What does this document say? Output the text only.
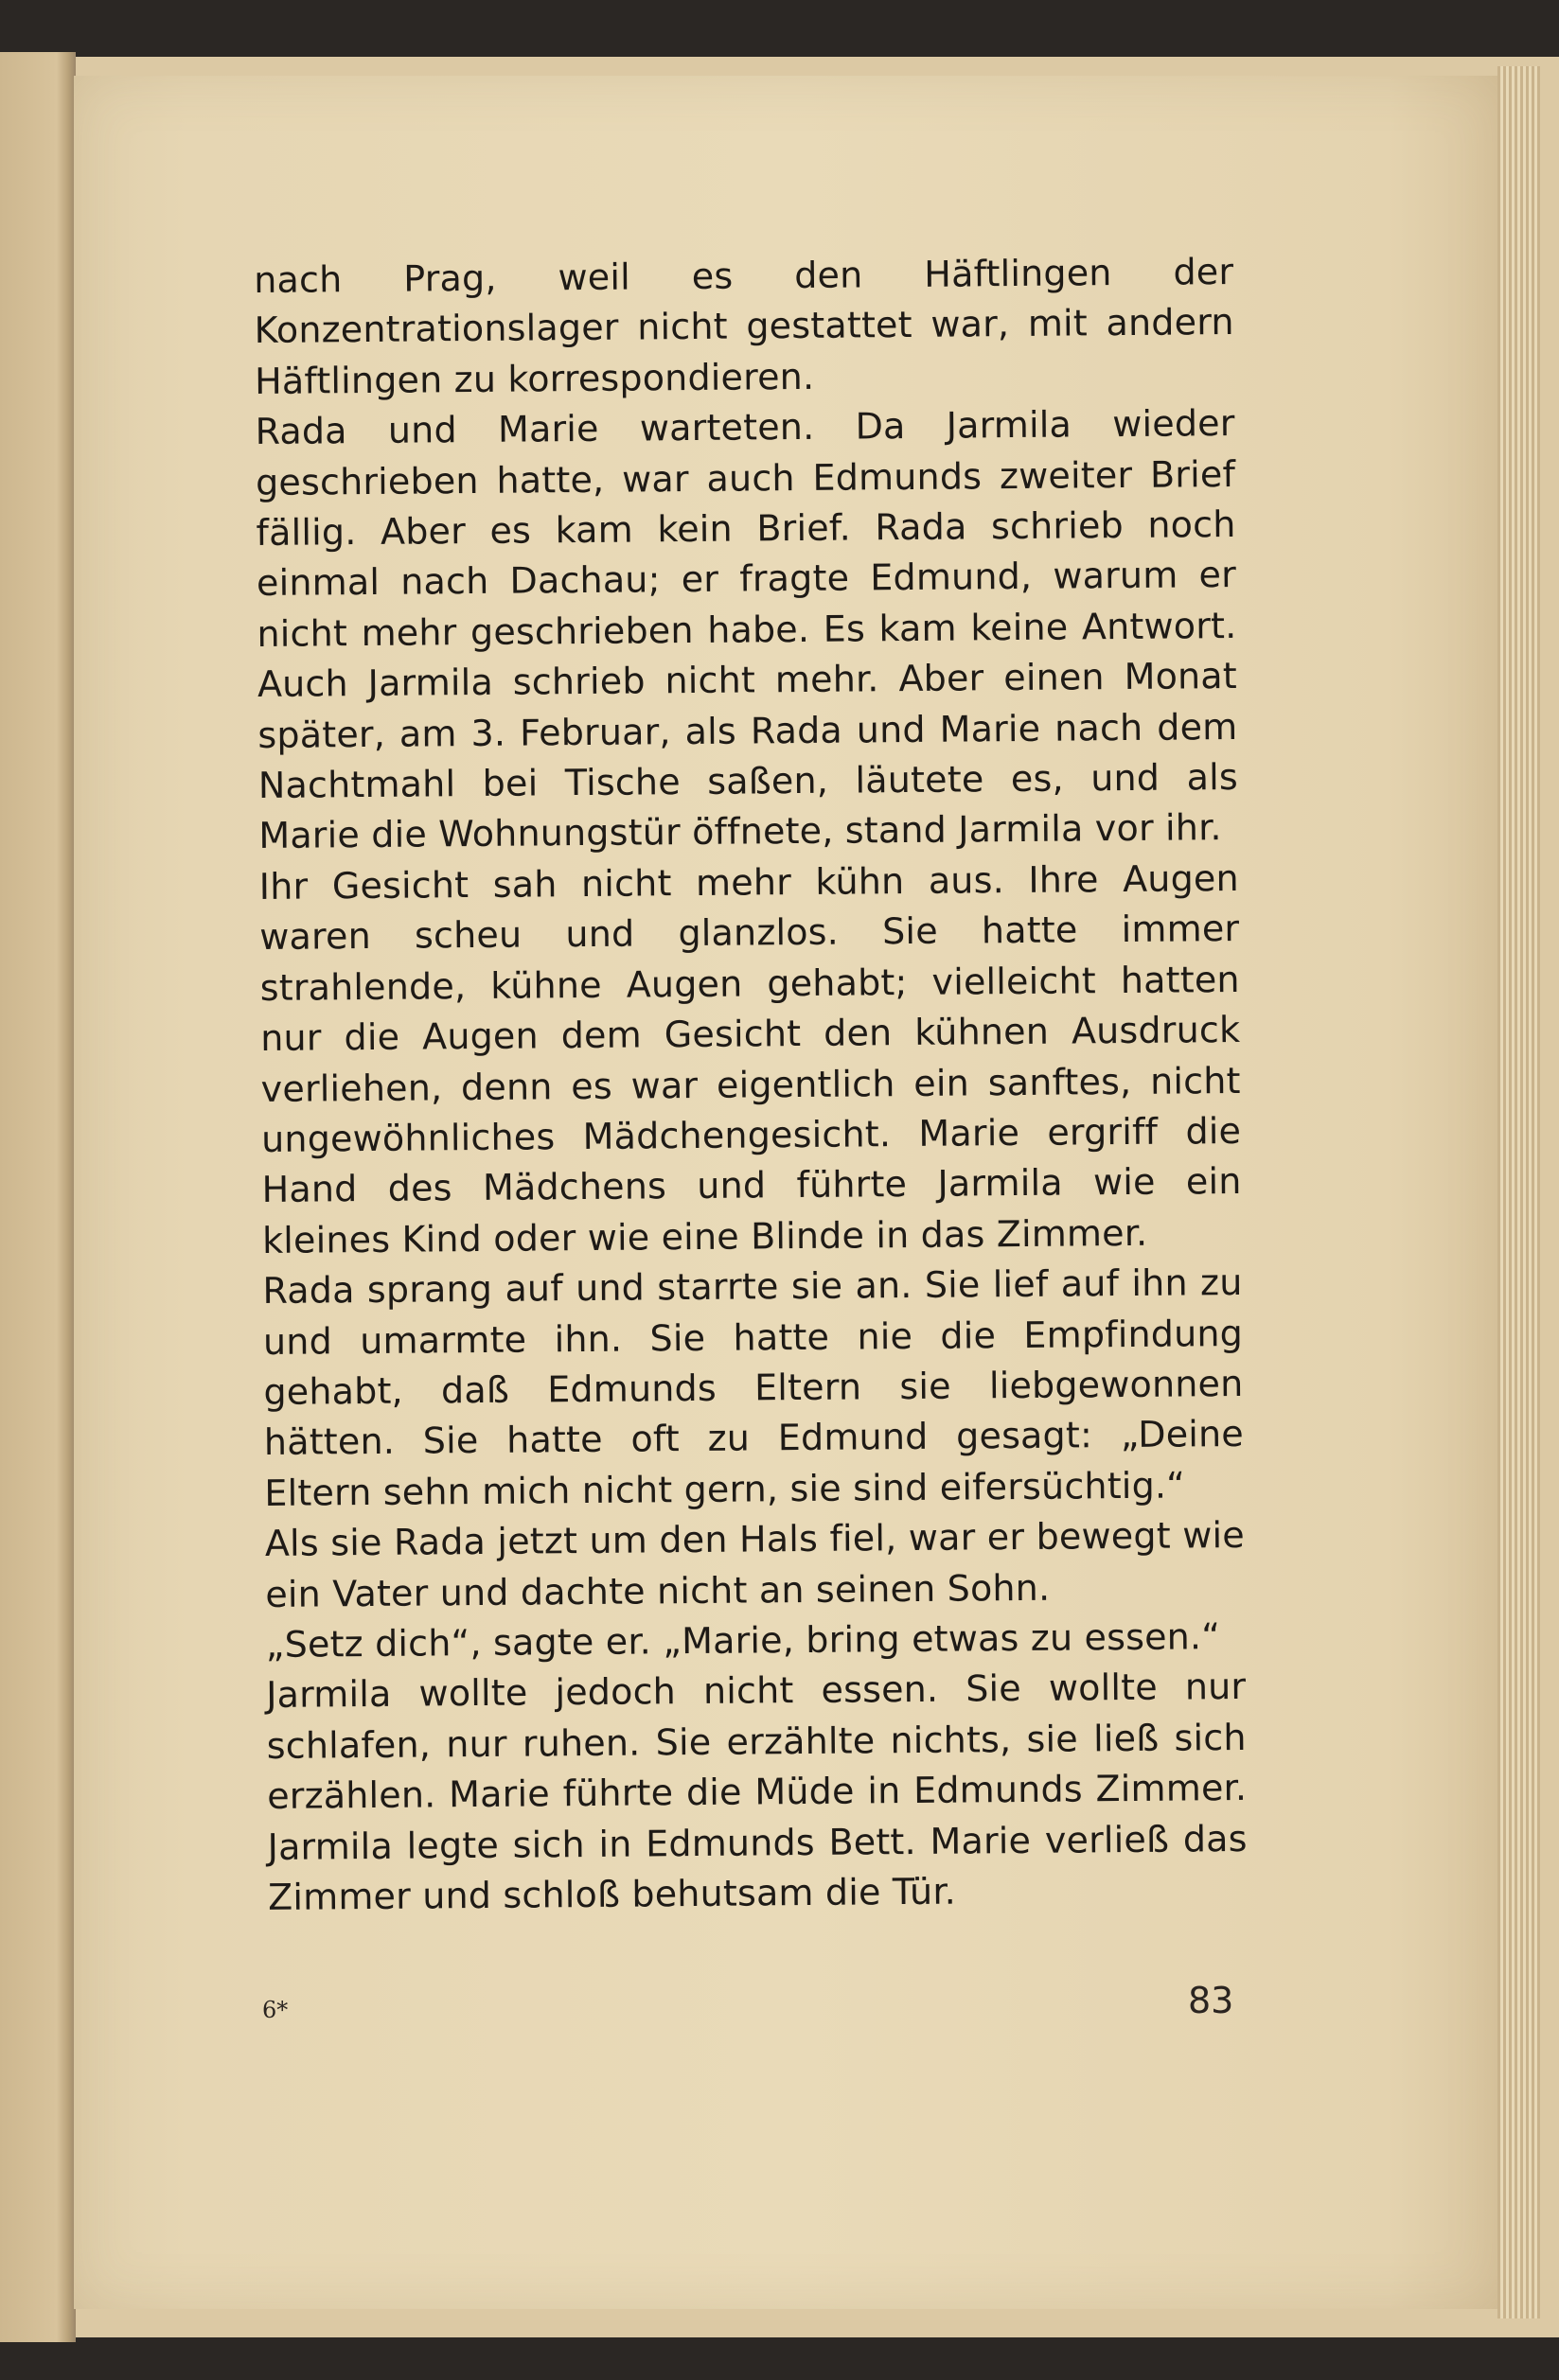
nach Prag, weil es den Häftlingen der Konzentrationslager nicht gestattet war, mit andern Häftlingen zu korrespondieren.

Rada und Marie warteten. Da Jarmila wieder geschrieben hatte, war auch Edmunds zweiter Brief fällig. Aber es kam kein Brief. Rada schrieb noch einmal nach Dachau; er fragte Edmund, warum er nicht mehr geschrieben habe. Es kam keine Antwort. Auch Jarmila schrieb nicht mehr. Aber einen Monat später, am 3. Februar, als Rada und Marie nach dem Nachtmahl bei Tische saßen, läutete es, und als Marie die Wohnungstür öffnete, stand Jarmila vor ihr.

Ihr Gesicht sah nicht mehr kühn aus. Ihre Augen waren scheu und glanzlos. Sie hatte immer strahlende, kühne Augen gehabt; vielleicht hatten nur die Augen dem Gesicht den kühnen Ausdruck verliehen, denn es war eigentlich ein sanftes, nicht ungewöhnliches Mädchengesicht. Marie ergriff die Hand des Mädchens und führte Jarmila wie ein kleines Kind oder wie eine Blinde in das Zimmer.

Rada sprang auf und starrte sie an. Sie lief auf ihn zu und umarmte ihn. Sie hatte nie die Empfindung gehabt, daß Edmunds Eltern sie liebgewonnen hätten. Sie hatte oft zu Edmund gesagt: „Deine Eltern sehn mich nicht gern, sie sind eifersüchtig.“

Als sie Rada jetzt um den Hals fiel, war er bewegt wie ein Vater und dachte nicht an seinen Sohn.

„Setz dich“, sagte er. „Marie, bring etwas zu essen.“

Jarmila wollte jedoch nicht essen. Sie wollte nur schlafen, nur ruhen. Sie erzählte nichts, sie ließ sich erzählen. Marie führte die Müde in Edmunds Zimmer. Jarmila legte sich in Edmunds Bett. Marie verließ das Zimmer und schloß behutsam die Tür.

6*	83
